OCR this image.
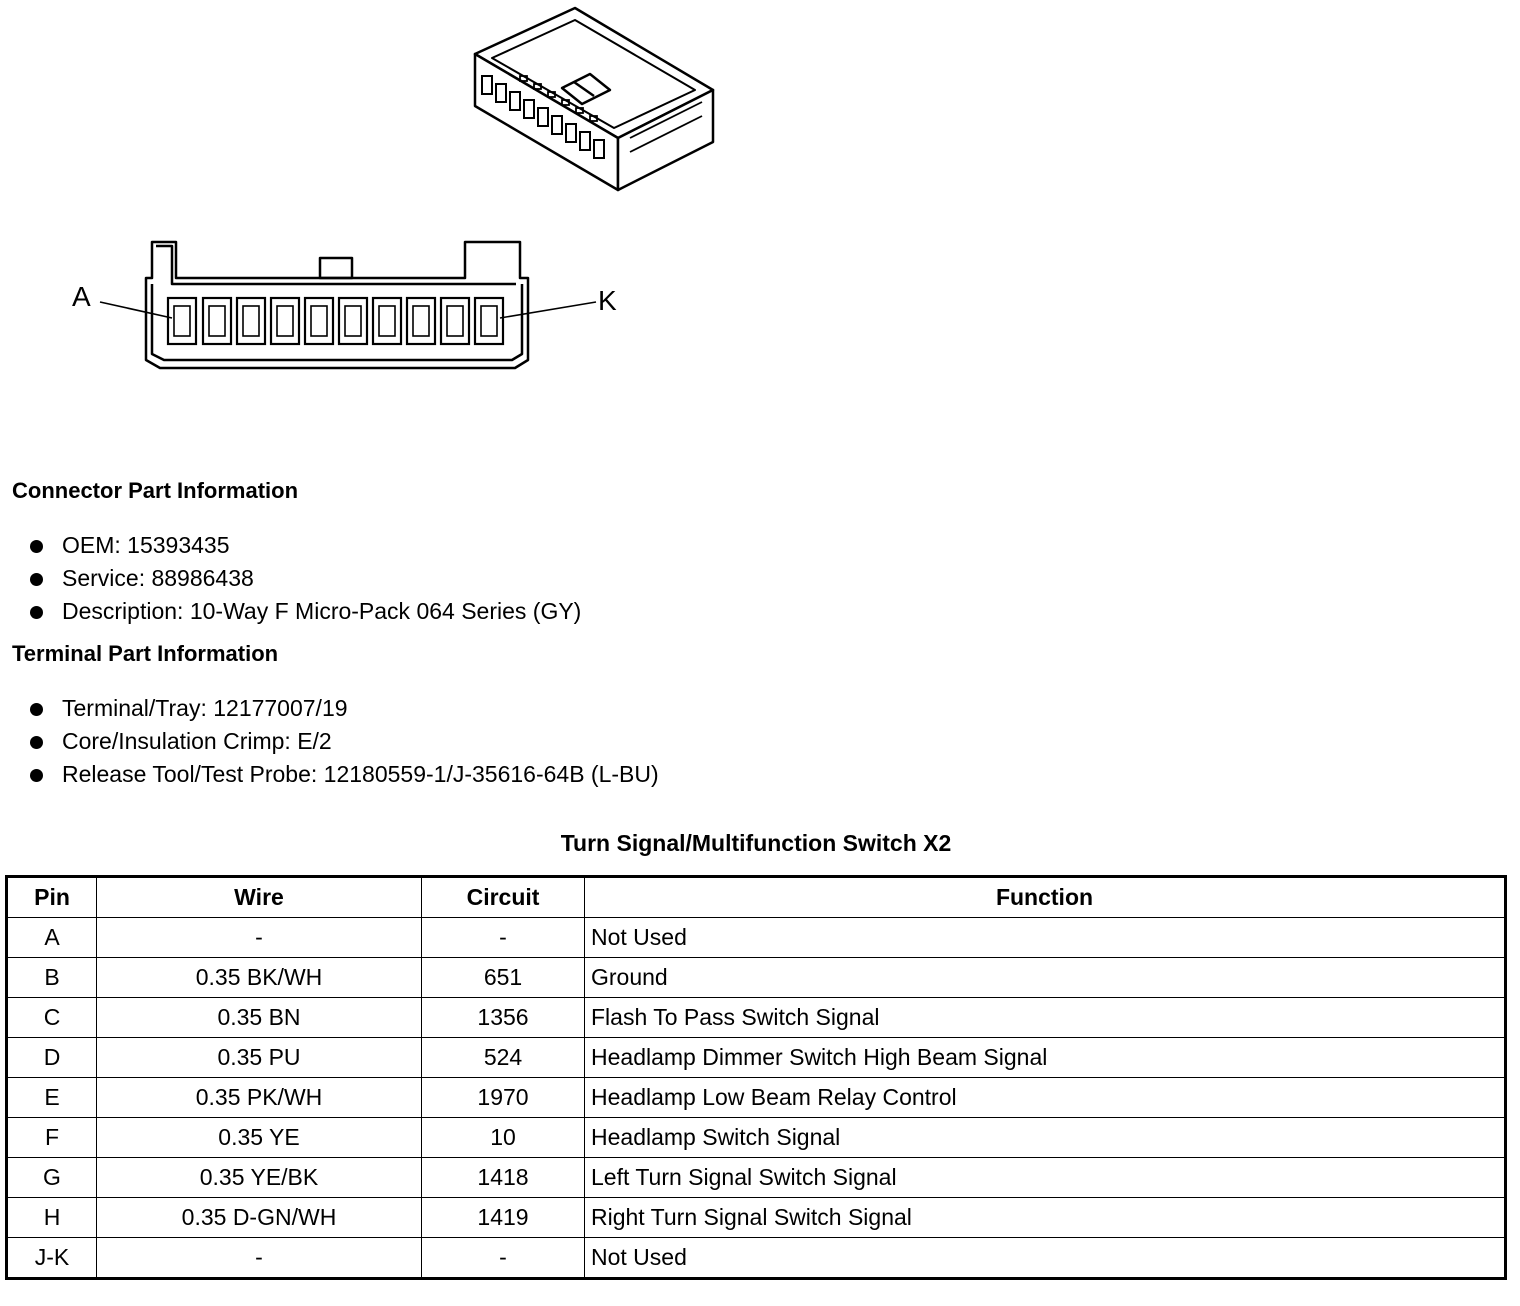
A	K
Connector Part Information
OEM: 15393435
Service: 88986438
Description: 10-Way F Micro-Pack 064 Series (GY)
Terminal Part Information
Terminal/Tray: 12177007/19
Core/Insulation Crimp: E/2
Release Tool/Test Probe: 12180559-1/J-35616-64B (L-BU)
Turn Signal/Multifunction Switch X2
Pin	Wire	Circuit	Function
A	-	-	Not Used
B	0.35 BK/WH	651	Ground
C	0.35 BN	1356	Flash To Pass Switch Signal
D	0.35 PU	524	Headlamp Dimmer Switch High Beam Signal
E	0.35 PK/WH	1970	Headlamp Low Beam Relay Control
F	0.35 YE	10	Headlamp Switch Signal
G	0.35 YE/BK	1418	Left Turn Signal Switch Signal
H	0.35 D-GN/WH	1419	Right Turn Signal Switch Signal
J-K	-	-	Not Used
